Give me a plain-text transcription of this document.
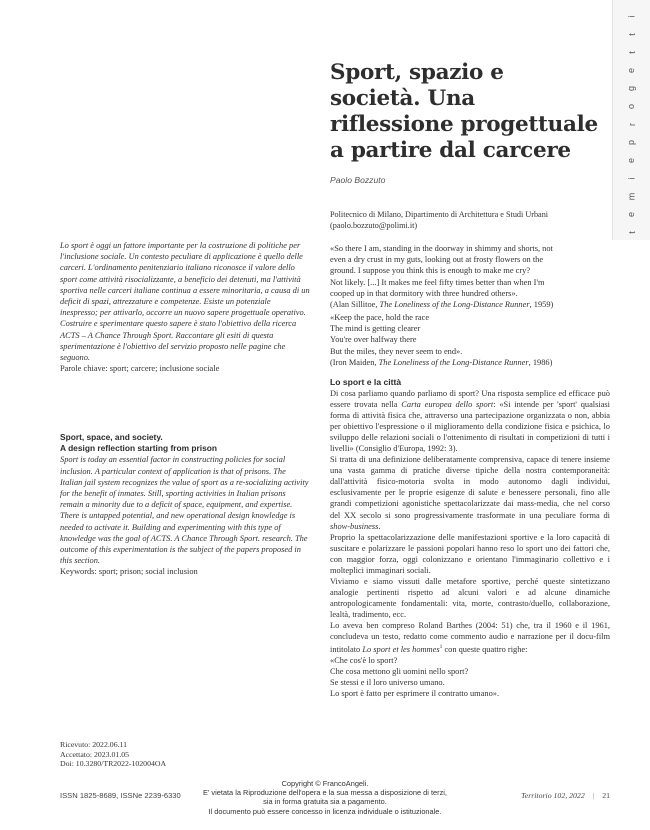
i
t
t
e
g
o
r
p
e
i
m
e
t
Sport, spazio e società. Una riflessione progettuale a partire dal carcere
Paolo Bozzuto
Politecnico di Milano, Dipartimento di Architettura e Studi Urbani
(paolo.bozzuto@polimi.it)
Lo sport è oggi un fattore importante per la costruzione di politiche per l'inclusione sociale. Un contesto peculiare di applicazione è quello delle carceri. L'ordinamento penitenziario italiano riconosce il valore dello sport come attività risocializzante, a beneficio dei detenuti, ma l'attività sportiva nelle carceri italiane continua a essere minoritaria, a causa di un deficit di spazi, attrezzature e competenze. Esiste un potenziale inespresso; per attivarlo, occorre un nuovo sapere progettuale operativo. Costruire e sperimentare questo sapere è stato l'obiettivo della ricerca ACTS – A Chance Through Sport. Raccontare gli esiti di questa sperimentazione è l'obiettivo del servizio proposto nelle pagine che seguono.
Parole chiave: sport; carcere; inclusione sociale
Sport, space, and society.
A design reflection starting from prison
Sport is today an essential factor in constructing policies for social inclusion. A particular context of application is that of prisons. The Italian jail system recognizes the value of sport as a re-socializing activity for the benefit of inmates. Still, sporting activities in Italian prisons remain a minority due to a deficit of space, equipment, and expertise. There is untapped potential, and new operational design knowledge is needed to activate it. Building and experimenting with this type of knowledge was the goal of ACTS. A Chance Through Sport. research. The outcome of this experimentation is the subject of the papers proposed in this section.
Keywords: sport; prison; social inclusion
«So there I am, standing in the doorway in shimmy and shorts, not
even a dry crust in my guts, looking out at frosty flowers on the
ground. I suppose you think this is enough to make me cry?
Not likely. [...] It makes me feel fifty times better than when I'm
cooped up in that dormitory with three hundred others».
(Alan Sillitoe, The Loneliness of the Long-Distance Runner, 1959)
«Keep the pace, hold the race
The mind is getting clearer
You're over halfway there
But the miles, they never seem to end».
(Iron Maiden, The Loneliness of the Long-Distance Runner, 1986)
Lo sport e la città

Di cosa parliamo quando parliamo di sport? Una risposta semplice ed efficace può essere trovata nella Carta europea dello sport: «Si intende per 'sport' qualsiasi forma di attività fisica che, attraverso una partecipazione organizzata o non, abbia per obiettivo l'espressione o il miglioramento della condizione fisica e psichica, lo sviluppo delle relazioni sociali o l'ottenimento di risultati in competizioni di tutti i livelli» (Consiglio d'Europa, 1992: 3).

Si tratta di una definizione deliberatamente comprensiva, capace di tenere insieme una vasta gamma di pratiche diverse tipiche della nostra contemporaneità: dall'attività fisico-motoria svolta in modo autonomo dagli individui, esclusivamente per le proprie esigenze di salute e benessere personali, fino alle grandi competizioni agonistiche spettacolarizzate dai mass-media, che nel corso del XX secolo si sono progressivamente trasformate in una peculiare forma di show-business.

Proprio la spettacolarizzazione delle manifestazioni sportive e la loro capacità di suscitare e polarizzare le passioni popolari hanno reso lo sport uno dei fattori che, con maggior forza, oggi colonizzano e orientano l'immaginario collettivo e i molteplici immaginari sociali.

Viviamo e siamo vissuti dalle metafore sportive, perché queste sintetizzano analogie pertinenti rispetto ad alcuni valori e ad alcune dinamiche antropologicamente fondamentali: vita, morte, contrasto/duello, collaborazione, lealtà, tradimento, ecc.

Lo aveva ben compreso Roland Barthes (2004: 51) che, tra il 1960 e il 1961, concludeva un testo, redatto come commento audio e narrazione per il docu-film intitolato Lo sport et les hommes$^1$ con queste quattro righe:

«Che cos'è lo sport?

Che cosa mettono gli uomini nello sport?

Se stessi e il loro universo umano.

Lo sport è fatto per esprimere il contratto umano».

Ricevuto: 2022.06.11
Accettato: 2023.01.05
Doi: 10.3280/TR2022-102004OA
ISSN 1825-8689, ISSNe 2239-6330
Copyright © FrancoAngeli.
E' vietata la Riproduzione dell'opera e la sua messa a disposizione di terzi,
sia in forma gratuita sia a pagamento.
Il documento può essere concesso in licenza individuale o istituzionale.
Territorio 102, 2022 | 21
